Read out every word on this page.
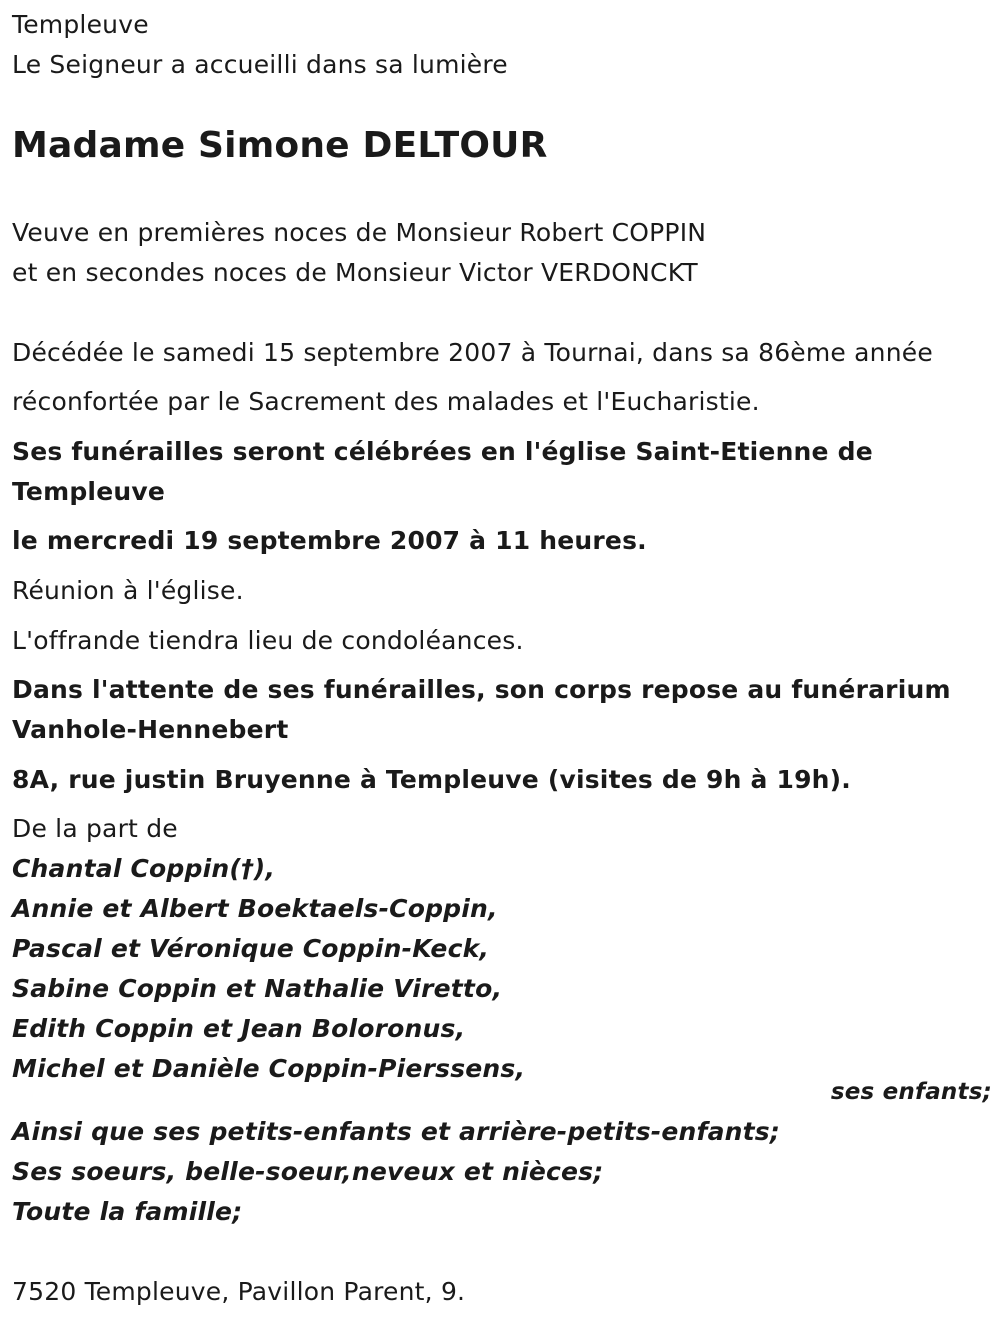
Templeuve

Le Seigneur a accueilli dans sa lumière

Madame Simone DELTOUR

Veuve en premières noces de Monsieur Robert COPPIN

et en secondes noces de Monsieur Victor VERDONCKT

Décédée le samedi 15 septembre 2007 à Tournai, dans sa 86ème année

réconfortée par le Sacrement des malades et l'Eucharistie.

Ses funérailles seront célébrées en l'église Saint-Etienne de

Templeuve

le mercredi 19 septembre 2007 à 11 heures.

Réunion à l'église.

L'offrande tiendra lieu de condoléances.

Dans l'attente de ses funérailles, son corps repose au funérarium

Vanhole-Hennebert

8A, rue justin Bruyenne à Templeuve (visites de 9h à 19h).

De la part de

Chantal Coppin(†),

Annie et Albert Boektaels-Coppin,

Pascal et Véronique Coppin-Keck,

Sabine Coppin et Nathalie Viretto,

Edith Coppin et Jean Boloronus,

Michel et Danièle Coppin-Pierssens,

ses enfants;

Ainsi que ses petits-enfants et arrière-petits-enfants;

Ses soeurs, belle-soeur,neveux et nièces;

Toute la famille;

7520 Templeuve, Pavillon Parent, 9.
